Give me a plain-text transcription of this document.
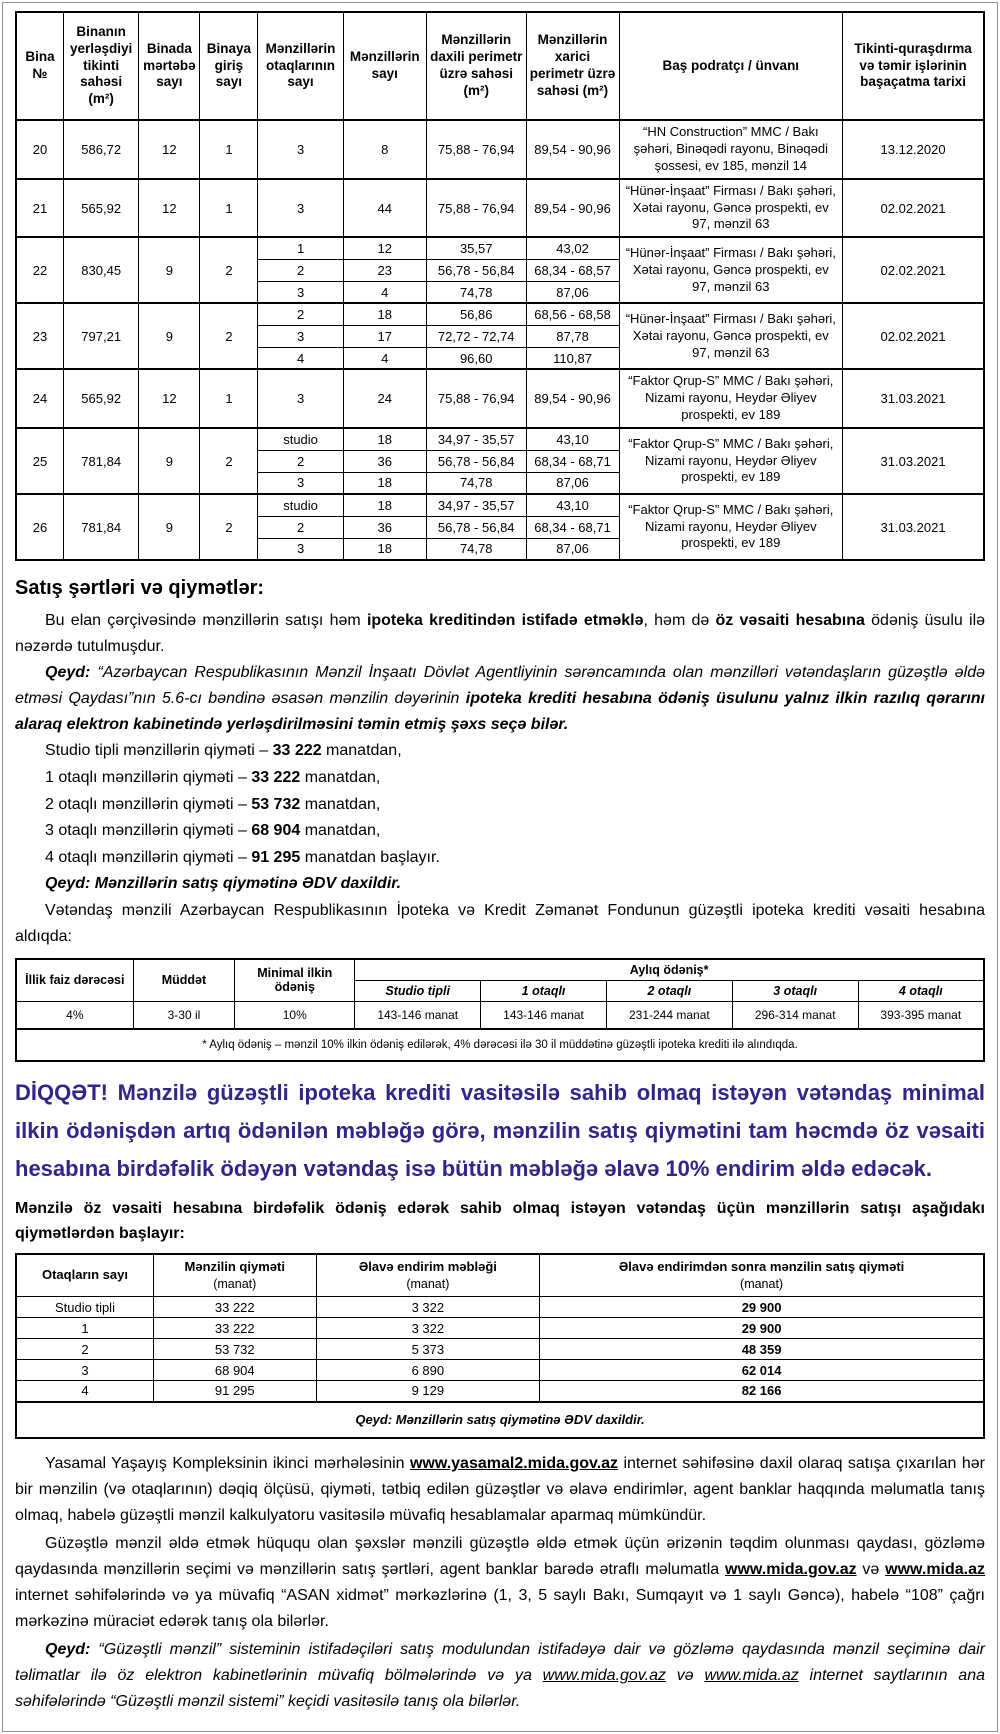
Bina №	Binanın yerləşdiyi tikinti sahəsi (m²)	Binada mərtəbə sayı	Binaya giriş sayı	Mənzillərin otaqlarının sayı	Mənzillərin sayı	Mənzillərin daxili perimetr üzrə sahəsi (m²)	Mənzillərin xarici perimetr üzrə sahəsi (m²)	Baş podratçı / ünvanı	Tikinti-quraşdırma və təmir işlərinin başaçatma tarixi
20	586,72	12	1	3	8	75,88 - 76,94	89,54 - 90,96	“HN Construction” MMC / Bakı şəhəri, Binəqədi rayonu, Binəqədi şossesi, ev 185, mənzil 14	13.12.2020
21	565,92	12	1	3	44	75,88 - 76,94	89,54 - 90,96	“Hünər-İnşaat” Firması / Bakı şəhəri, Xətai rayonu, Gəncə prospekti, ev 97, mənzil 63	02.02.2021
22	830,45	9	2	1	12	35,57	43,02	“Hünər-İnşaat” Firması / Bakı şəhəri, Xətai rayonu, Gəncə prospekti, ev 97, mənzil 63	02.02.2021
				2	23	56,78 - 56,84	68,34 - 68,57		
				3	4	74,78	87,06		
23	797,21	9	2	2	18	56,86	68,56 - 68,58	“Hünər-İnşaat” Firması / Bakı şəhəri, Xətai rayonu, Gəncə prospekti, ev 97, mənzil 63	02.02.2021
				3	17	72,72 - 72,74	87,78		
				4	4	96,60	110,87		
24	565,92	12	1	3	24	75,88 - 76,94	89,54 - 90,96	“Faktor Qrup-S” MMC / Bakı şəhəri, Nizami rayonu, Heydər Əliyev prospekti, ev 189	31.03.2021
25	781,84	9	2	studio	18	34,97 - 35,57	43,10	“Faktor Qrup-S” MMC / Bakı şəhəri, Nizami rayonu, Heydər Əliyev prospekti, ev 189	31.03.2021
				2	36	56,78 - 56,84	68,34 - 68,71		
				3	18	74,78	87,06		
26	781,84	9	2	studio	18	34,97 - 35,57	43,10	“Faktor Qrup-S” MMC / Bakı şəhəri, Nizami rayonu, Heydər Əliyev prospekti, ev 189	31.03.2021
				2	36	56,78 - 56,84	68,34 - 68,71		
				3	18	74,78	87,06		
Satış şərtləri və qiymətlər:

Bu elan çərçivəsində mənzillərin satışı həm ipoteka kreditindən istifadə etməklə, həm də öz vəsaiti hesabına ödəniş üsulu ilə nəzərdə tutulmuşdur.

Qeyd: “Azərbaycan Respublikasının Mənzil İnşaatı Dövlət Agentliyinin sərəncamında olan mənzilləri vətəndaşların güzəştlə əldə etməsi Qaydası”nın 5.6-cı bəndinə əsasən mənzilin dəyərinin ipoteka krediti hesabına ödəniş üsulunu yalnız ilkin razılıq qərarını alaraq elektron kabinetində yerləşdirilməsini təmin etmiş şəxs seçə bilər.

Studio tipli mənzillərin qiyməti – 33 222 manatdan,

1 otaqlı mənzillərin qiyməti – 33 222 manatdan,

2 otaqlı mənzillərin qiyməti – 53 732 manatdan,

3 otaqlı mənzillərin qiyməti – 68 904 manatdan,

4 otaqlı mənzillərin qiyməti – 91 295 manatdan başlayır.

Qeyd: Mənzillərin satış qiymətinə ƏDV daxildir.

Vətəndaş mənzili Azərbaycan Respublikasının İpoteka və Kredit Zəmanət Fondunun güzəştli ipoteka krediti vəsaiti hesabına aldıqda:

İllik faiz dərəcəsi	Müddət	Minimal ilkin ödəniş	Aylıq ödəniş*				
			Studio tipli	1 otaqlı	2 otaqlı	3 otaqlı	4 otaqlı
4%	3-30 il	10%	143-146 manat	143-146 manat	231-244 manat	296-314 manat	393-395 manat
* Aylıq ödəniş – mənzil 10% ilkin ödəniş edilərək, 4% dərəcəsi ilə 30 il müddətinə güzəştli ipoteka krediti ilə alındıqda.							

DİQQƏT! Mənzilə güzəştli ipoteka krediti vasitəsilə sahib olmaq istəyən vətəndaş minimal ilkin ödənişdən artıq ödənilən məbləğə görə, mənzilin satış qiymətini tam həcmdə öz vəsaiti hesabına birdəfəlik ödəyən vətəndaş isə bütün məbləğə əlavə 10% endirim əldə edəcək.

Mənzilə öz vəsaiti hesabına birdəfəlik ödəniş edərək sahib olmaq istəyən vətəndaş üçün mənzillərin satışı aşağıdakı qiymətlərdən başlayır:

Otaqların sayı

Mənzilin qiyməti
(manat)

Əlavə endirim məbləği
(manat)

Əlavə endirimdən sonra mənzilin satış qiyməti
(manat)

Studio tipli	33 222	3 322	29 900
1	33 222	3 322	29 900
2	53 732	5 373	48 359
3	68 904	6 890	62 014
4	91 295	9 129	82 166
Qeyd: Mənzillərin satış qiymətinə ƏDV daxildir.			

Yasamal Yaşayış Kompleksinin ikinci mərhələsinin www.yasamal2.mida.gov.az internet səhifəsinə daxil olaraq satışa çıxarılan hər bir mənzilin (və otaqlarının) dəqiq ölçüsü, qiyməti, tətbiq edilən güzəştlər və əlavə endirimlər, agent banklar haqqında məlumatla tanış olmaq, habelə güzəştli mənzil kalkulyatoru vasitəsilə müvafiq hesablamalar aparmaq mümkündür.

Güzəştlə mənzil əldə etmək hüququ olan şəxslər mənzili güzəştlə əldə etmək üçün ərizənin təqdim olunması qaydası, gözləmə qaydasında mənzillərin seçimi və mənzillərin satış şərtləri, agent banklar barədə ətraflı məlumatla www.mida.gov.az və www.mida.az internet səhifələrində və ya müvafiq “ASAN xidmət” mərkəzlərinə (1, 3, 5 saylı Bakı, Sumqayıt və 1 saylı Gəncə), habelə “108” çağrı mərkəzinə müraciət edərək tanış ola bilərlər.

Qeyd: “Güzəştli mənzil” sisteminin istifadəçiləri satış modulundan istifadəyə dair və gözləmə qaydasında mənzil seçiminə dair təlimatlar ilə öz elektron kabinetlərinin müvafiq bölmələrində və ya www.mida.gov.az və www.mida.az internet saytlarının ana səhifələrində “Güzəştli mənzil sistemi” keçidi vasitəsilə tanış ola bilərlər.
